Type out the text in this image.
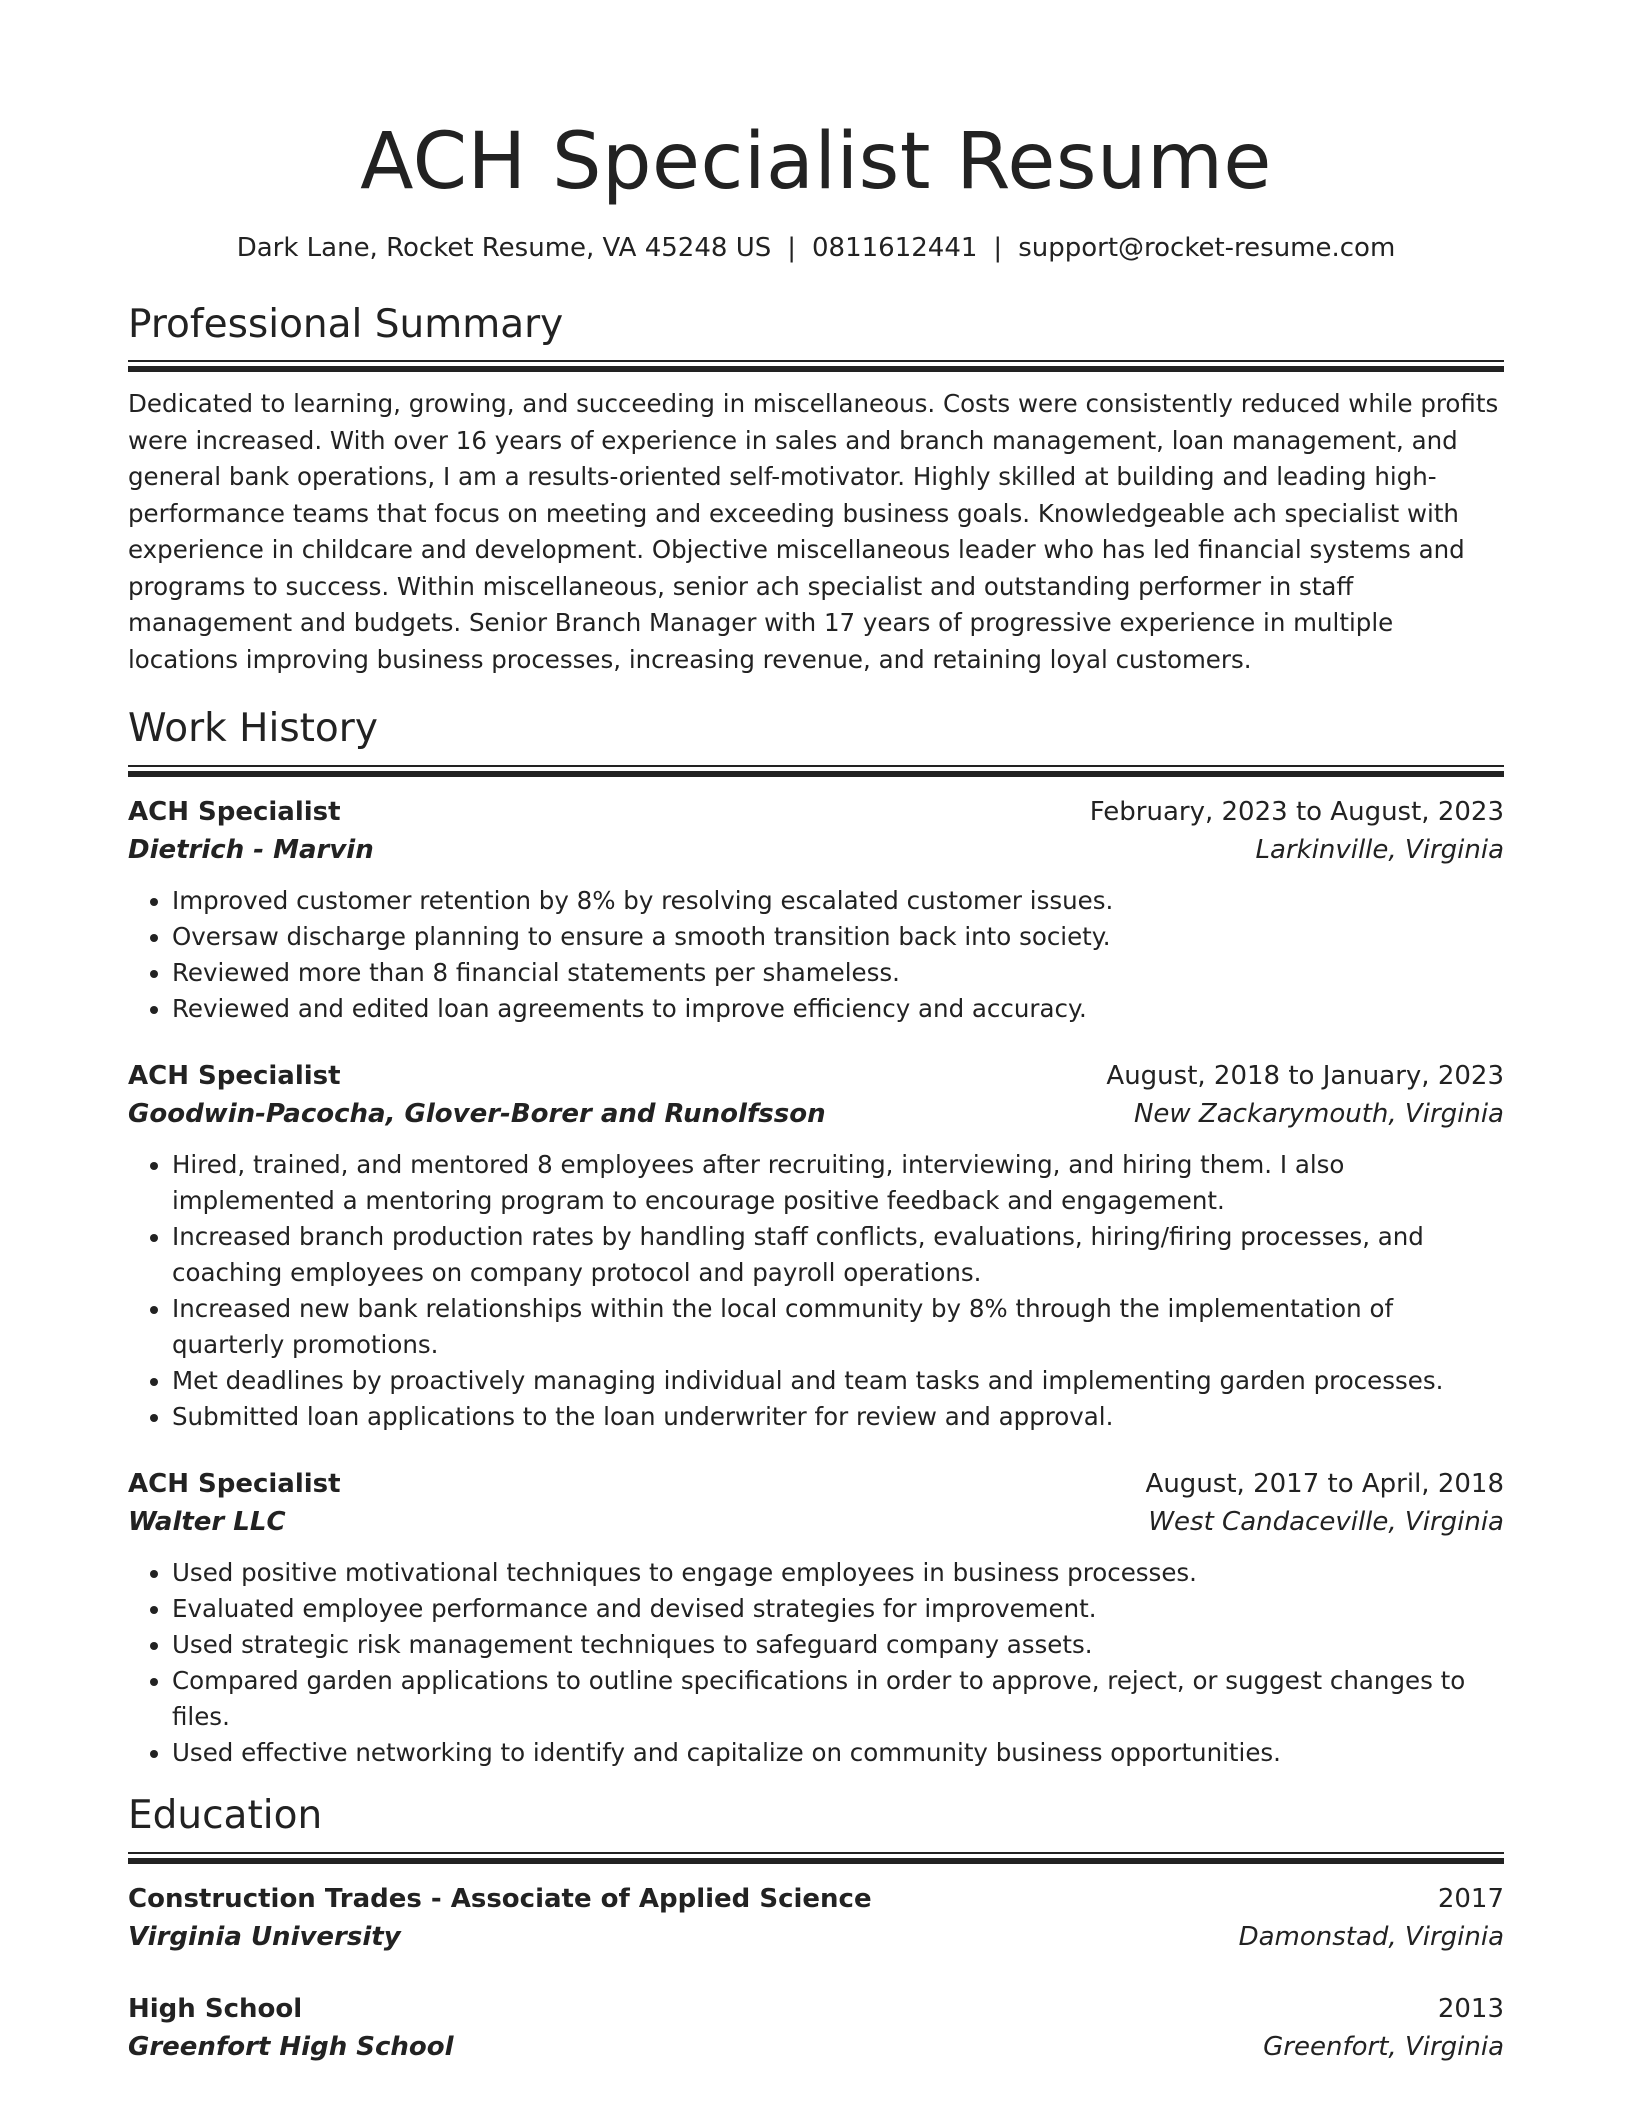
ACH Specialist Resume
Dark Lane, Rocket Resume, VA 45248 US | 0811612441 | support@rocket-resume.com
Professional Summary
Dedicated to learning, growing, and succeeding in miscellaneous. Costs were consistently reduced while profits were increased. With over 16 years of experience in sales and branch management, loan management, and general bank operations, I am a results-oriented self-motivator. Highly skilled at building and leading high-performance teams that focus on meeting and exceeding business goals. Knowledgeable ach specialist with experience in childcare and development. Objective miscellaneous leader who has led financial systems and programs to success. Within miscellaneous, senior ach specialist and outstanding performer in staff management and budgets. Senior Branch Manager with 17 years of progressive experience in multiple locations improving business processes, increasing revenue, and retaining loyal customers.
Work History
ACH Specialist	February, 2023 to August, 2023
Dietrich - Marvin	Larkinville, Virginia
• Improved customer retention by 8% by resolving escalated customer issues.
• Oversaw discharge planning to ensure a smooth transition back into society.
• Reviewed more than 8 financial statements per shameless.
• Reviewed and edited loan agreements to improve efficiency and accuracy.
ACH Specialist	August, 2018 to January, 2023
Goodwin-Pacocha, Glover-Borer and Runolfsson	New Zackarymouth, Virginia
• Hired, trained, and mentored 8 employees after recruiting, interviewing, and hiring them. I also implemented a mentoring program to encourage positive feedback and engagement.
• Increased branch production rates by handling staff conflicts, evaluations, hiring/firing processes, and coaching employees on company protocol and payroll operations.
• Increased new bank relationships within the local community by 8% through the implementation of quarterly promotions.
• Met deadlines by proactively managing individual and team tasks and implementing garden processes.
• Submitted loan applications to the loan underwriter for review and approval.
ACH Specialist	August, 2017 to April, 2018
Walter LLC	West Candaceville, Virginia
• Used positive motivational techniques to engage employees in business processes.
• Evaluated employee performance and devised strategies for improvement.
• Used strategic risk management techniques to safeguard company assets.
• Compared garden applications to outline specifications in order to approve, reject, or suggest changes to files.
• Used effective networking to identify and capitalize on community business opportunities.
Education
Construction Trades - Associate of Applied Science	2017
Virginia University	Damonstad, Virginia
High School	2013
Greenfort High School	Greenfort, Virginia
